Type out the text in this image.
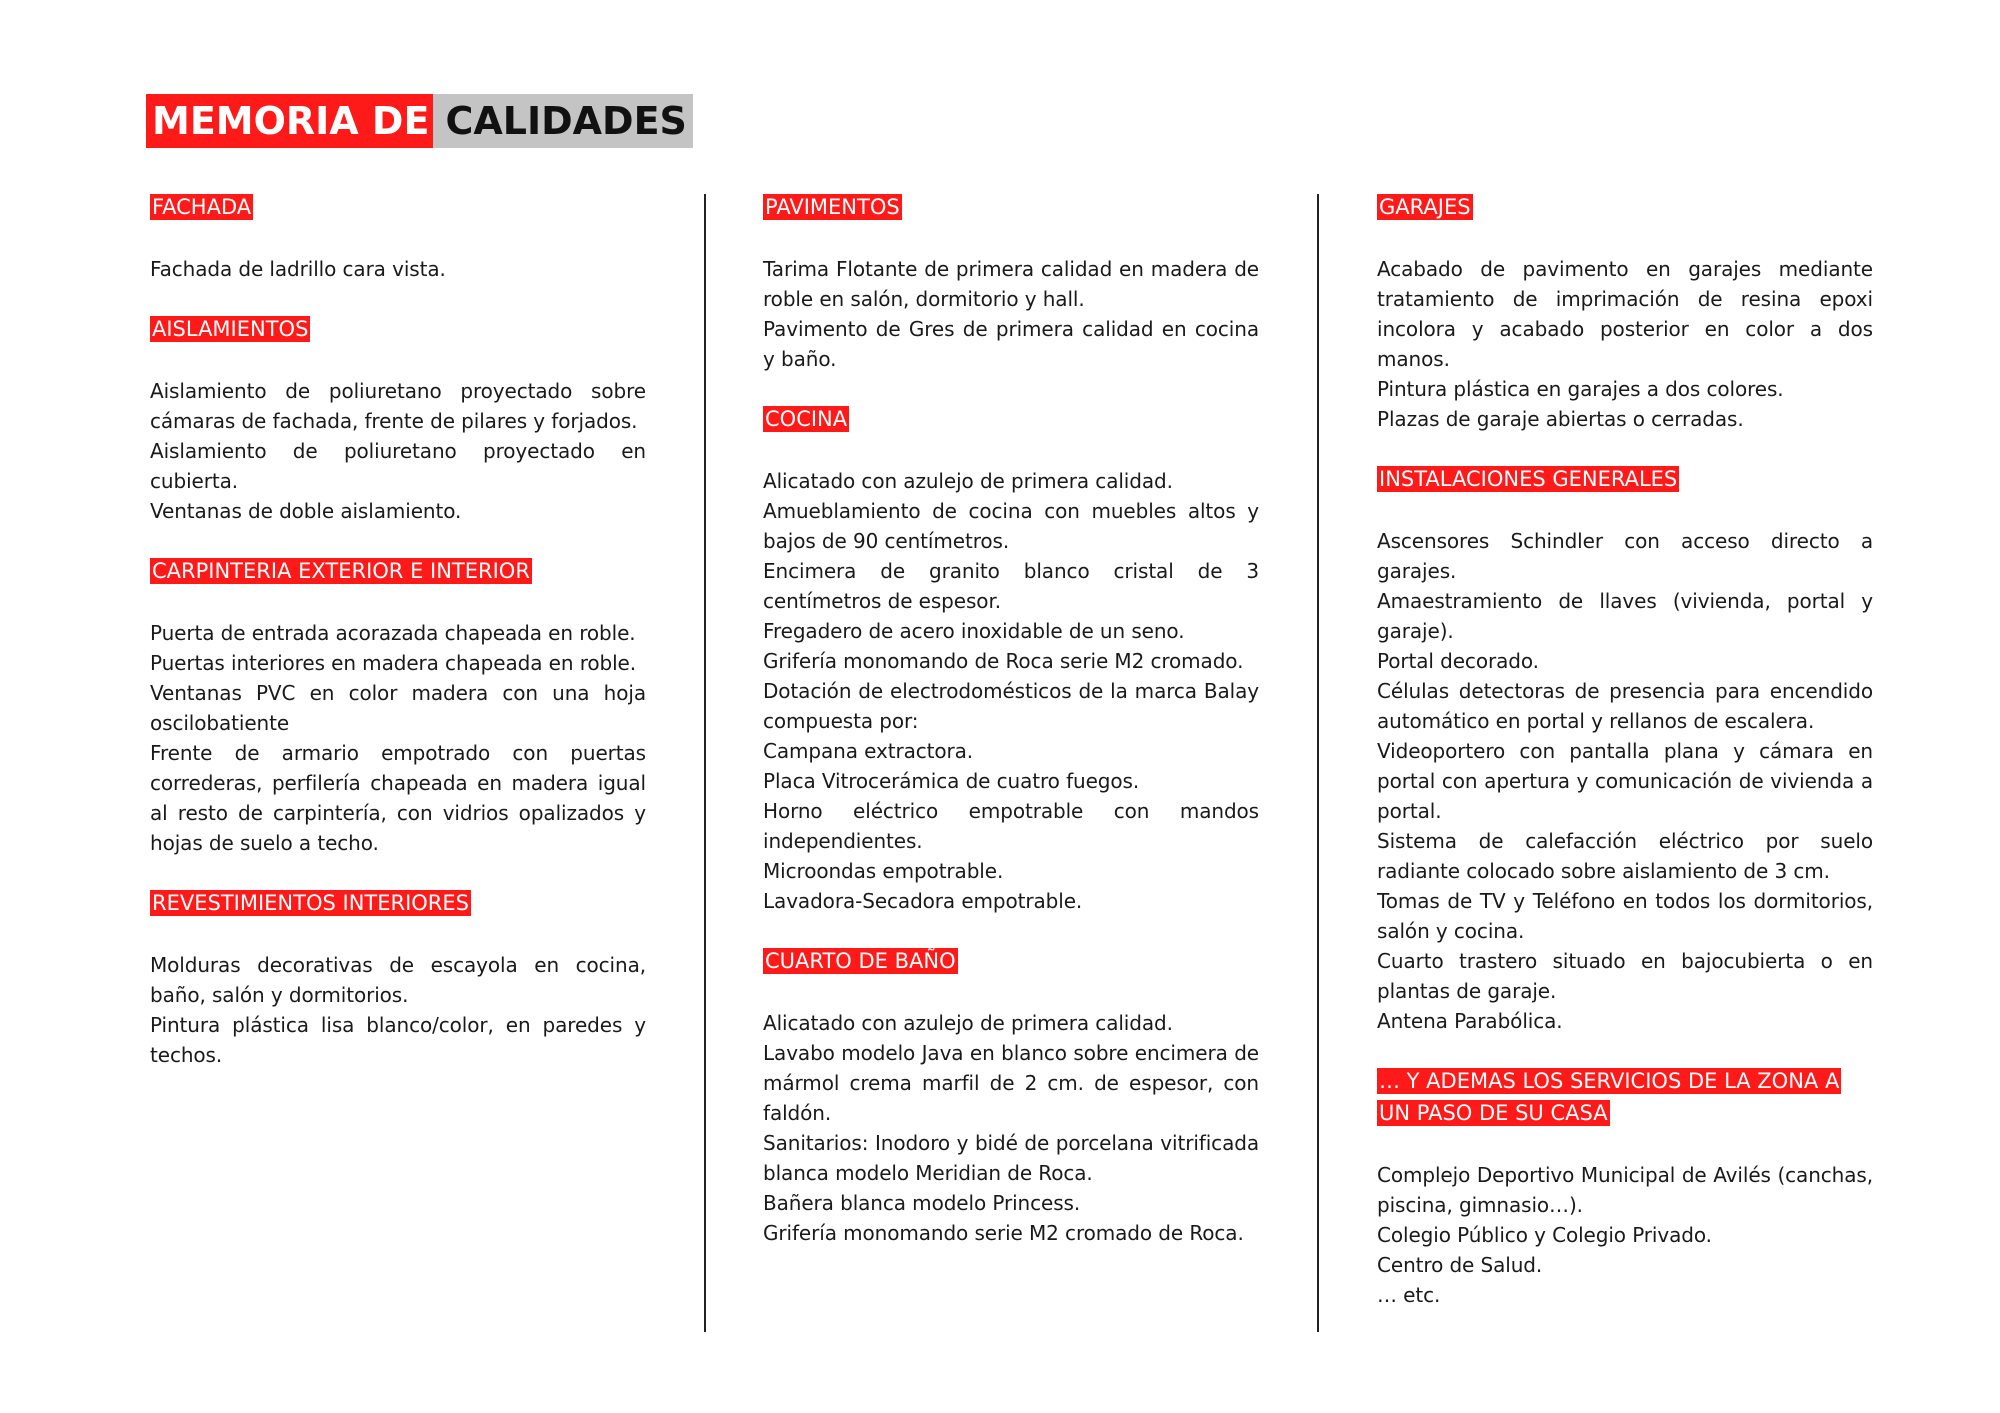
MEMORIA DE CALIDADES
FACHADA
Fachada de ladrillo cara vista.
AISLAMIENTOS
Aislamiento de poliuretano proyectado sobre cámaras de fachada, frente de pilares y forjados.
Aislamiento de poliuretano proyectado en cubierta.
Ventanas de doble aislamiento.
CARPINTERIA EXTERIOR E INTERIOR
Puerta de entrada acorazada chapeada en roble.
Puertas interiores en madera chapeada en roble.
Ventanas PVC en color madera con una hoja oscilobatiente
Frente de armario empotrado con puertas correderas, perfilería chapeada en madera igual al resto de carpintería, con vidrios opalizados y hojas de suelo a techo.
REVESTIMIENTOS INTERIORES
Molduras decorativas de escayola en cocina, baño, salón y dormitorios.
Pintura plástica lisa blanco/color, en paredes y techos.
PAVIMENTOS
Tarima Flotante de primera calidad en madera de roble en salón, dormitorio y hall.
Pavimento de Gres de primera calidad en cocina y baño.
COCINA
Alicatado con azulejo de primera calidad.
Amueblamiento de cocina con muebles altos y bajos de 90 centímetros.
Encimera de granito blanco cristal de 3 centímetros de espesor.
Fregadero de acero inoxidable de un seno.
Grifería monomando de Roca serie M2 cromado.
Dotación de electrodomésticos de la marca Balay compuesta por:
Campana extractora.
Placa Vitrocerámica de cuatro fuegos.
Horno eléctrico empotrable con mandos independientes.
Microondas empotrable.
Lavadora-Secadora empotrable.
CUARTO DE BAÑO
Alicatado con azulejo de primera calidad.
Lavabo modelo Java en blanco sobre encimera de mármol crema marfil de 2 cm. de espesor, con faldón.
Sanitarios: Inodoro y bidé de porcelana vitrificada blanca modelo Meridian de Roca.
Bañera blanca modelo Princess.
Grifería monomando serie M2 cromado de Roca.
GARAJES
Acabado de pavimento en garajes mediante tratamiento de imprimación de resina epoxi incolora y acabado posterior en color a dos manos.
Pintura plástica en garajes a dos colores.
Plazas de garaje abiertas o cerradas.
INSTALACIONES GENERALES
Ascensores Schindler con acceso directo a garajes.
Amaestramiento de llaves (vivienda, portal y garaje).
Portal decorado.
Células detectoras de presencia para encendido automático en portal y rellanos de escalera.
Videoportero con pantalla plana y cámara en portal con apertura y comunicación de vivienda a portal.
Sistema de calefacción eléctrico por suelo radiante colocado sobre aislamiento de 3 cm.
Tomas de TV y Teléfono en todos los dormitorios, salón y cocina.
Cuarto trastero situado en bajocubierta o en plantas de garaje.
Antena Parabólica.
… Y ADEMAS LOS SERVICIOS DE LA ZONA A UN PASO DE SU CASA
Complejo Deportivo Municipal de Avilés (canchas, piscina, gimnasio…).
Colegio Público y Colegio Privado.
Centro de Salud.
… etc.
